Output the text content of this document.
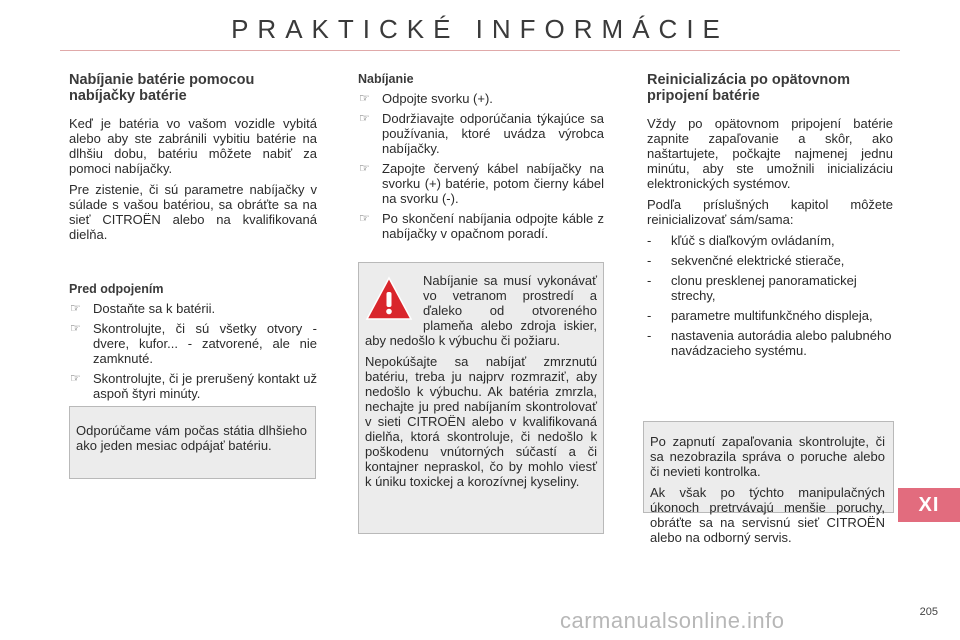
PRAKTICKÉ INFORMÁCIE
Nabíjanie batérie pomocou nabíjačky batérie

Keď je batéria vo vašom vozidle vybitá alebo aby ste zabránili vybitiu batérie na dlhšiu dobu, batériu môžete nabiť za pomoci nabíjačky.

Pre zistenie, či sú parametre nabíjačky v súlade s vašou batériou, sa obráťte sa na sieť CITROËN alebo na kvalifikovaná dielňa.

Pred odpojením
☞ Dostaňte sa k batérii.
☞ Skontrolujte, či sú všetky otvory - dvere, kufor... - zatvorené, ale nie zamknuté.
☞ Skontrolujte, či je prerušený kontakt už aspoň štyri minúty.

Odporúčame vám počas státia dlhšieho ako jeden mesiac odpájať batériu.

Nabíjanie
☞ Odpojte svorku (+).
☞ Dodržiavajte odporúčania týkajúce sa používania, ktoré uvádza výrobca nabíjačky.
☞ Zapojte červený kábel nabíjačky na svorku (+) batérie, potom čierny kábel na svorku (-).
☞ Po skončení nabíjania odpojte káble z nabíjačky v opačnom poradí.

Nabíjanie sa musí vykonávať vo vetranom prostredí a ďaleko od otvoreného plameňa alebo zdroja iskier, aby nedošlo k výbuchu či požiaru.

Nepokúšajte sa nabíjať zmrznutú batériu, treba ju najprv rozmraziť, aby nedošlo k výbuchu. Ak batéria zmrzla, nechajte ju pred nabíjaním skontrolovať v sieti CITROËN alebo v kvalifikovaná dielňa, ktorá skontroluje, či nedošlo k poškodenu vnútorných súčastí a či kontajner nepraskol, čo by mohlo viesť k úniku toxickej a korozívnej kyseliny.

Reinicializácia po opätovnom pripojení batérie

Vždy po opätovnom pripojení batérie zapnite zapaľovanie a skôr, ako naštartujete, počkajte najmenej jednu minútu, aby ste umožnili inicializáciu elektronických systémov.

Podľa príslušných kapitol môžete reinicializovať sám/sama:

- kľúč s diaľkovým ovládaním,
- sekvenčné elektrické stierače,
- clonu presklenej panoramatickej strechy,
- parametre multifunkčného displeja,
- nastavenia autorádia alebo palubného navádzacieho systému.

Po zapnutí zapaľovania skontrolujte, či sa nezobrazila správa o poruche alebo či nevieti kontrolka.

Ak však po týchto manipulačných úkonoch pretrvávajú menšie poruchy, obráťte sa na servisnú sieť CITROËN alebo na odborný servis.

XI
carmanualsonline.info	205
